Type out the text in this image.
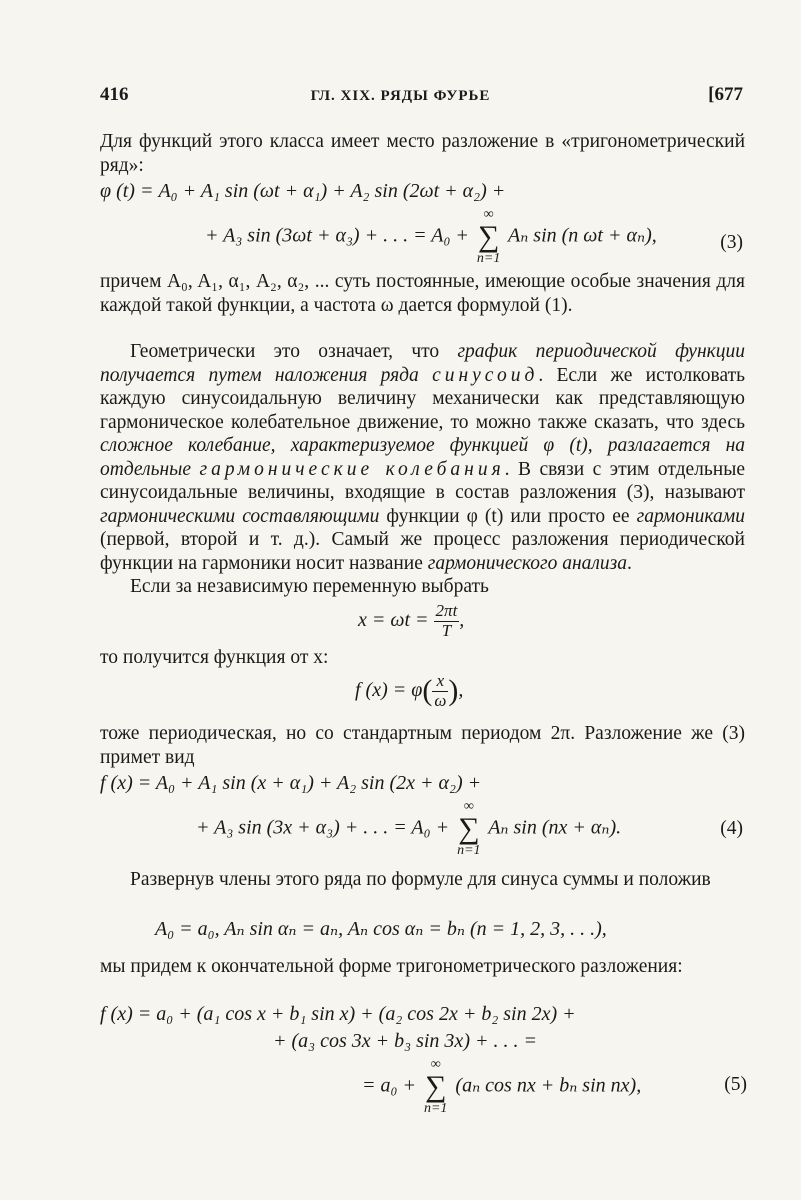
416	ГЛ. XIX. РЯДЫ ФУРЬЕ	[677
Для функций этого класса имеет место разложение в «тригонометрический ряд»:
φ (t) = A₀ + A₁ sin (ωt + α₁) + A₂ sin (2ωt + α₂) +
+ A₃ sin (3ωt + α₃) + . . . = A₀ +
∞
∑
n=1
Aₙ sin (n ωt + αₙ),	(3)
причем A₀, A₁, α₁, A₂, α₂, ... суть постоянные, имеющие особые значения для каждой такой функции, а частота ω дается формулой (1).
Геометрически это означает, что график периодической функции получается путем наложения ряда синусоид. Если же истолковать каждую синусоидальную величину механически как представляющую гармоническое колебательное движение, то можно также сказать, что здесь сложное колебание, характеризуемое функцией φ (t), разлагается на отдельные гармонические колебания. В связи с этим отдельные синусоидальные величины, входящие в состав разложения (3), называют гармоническими составляющими функции φ (t) или просто ее гармониками (первой, второй и т. д.). Самый же процесс разложения периодической функции на гармоники носит название гармонического анализа.
Если за независимую переменную выбрать
$x = \omega t = \frac{2\pi t}{T}$ ,
то получится функция от x:
f $(x) = \varphi( \frac{x}{\omega}$ ),
тоже периодическая, но со стандартным периодом 2π. Разложение же (3) примет вид
f (x) = A₀ + A₁ sin (x + α₁) + A₂ sin (2x + α₂) +
+ A₃ sin (3x + α₃) + . . . = A₀ +
∞
∑
n=1
Aₙ sin (nx + αₙ).	(4)
Развернув члены этого ряда по формуле для синуса суммы и положив
A₀ = a₀, Aₙ sin αₙ = aₙ, Aₙ cos αₙ = bₙ (n = 1, 2, 3, . . .),
мы придем к окончательной форме тригонометрического разложения:
f (x) = a₀ + (a₁ cos x + b₁ sin x) + (a₂ cos 2x + b₂ sin 2x) +
+ (a₃ cos 3x + b₃ sin 3x) + . . . =
= a₀ +
∞
∑
n=1
(aₙ cos nx + bₙ sin nx),	(5)
